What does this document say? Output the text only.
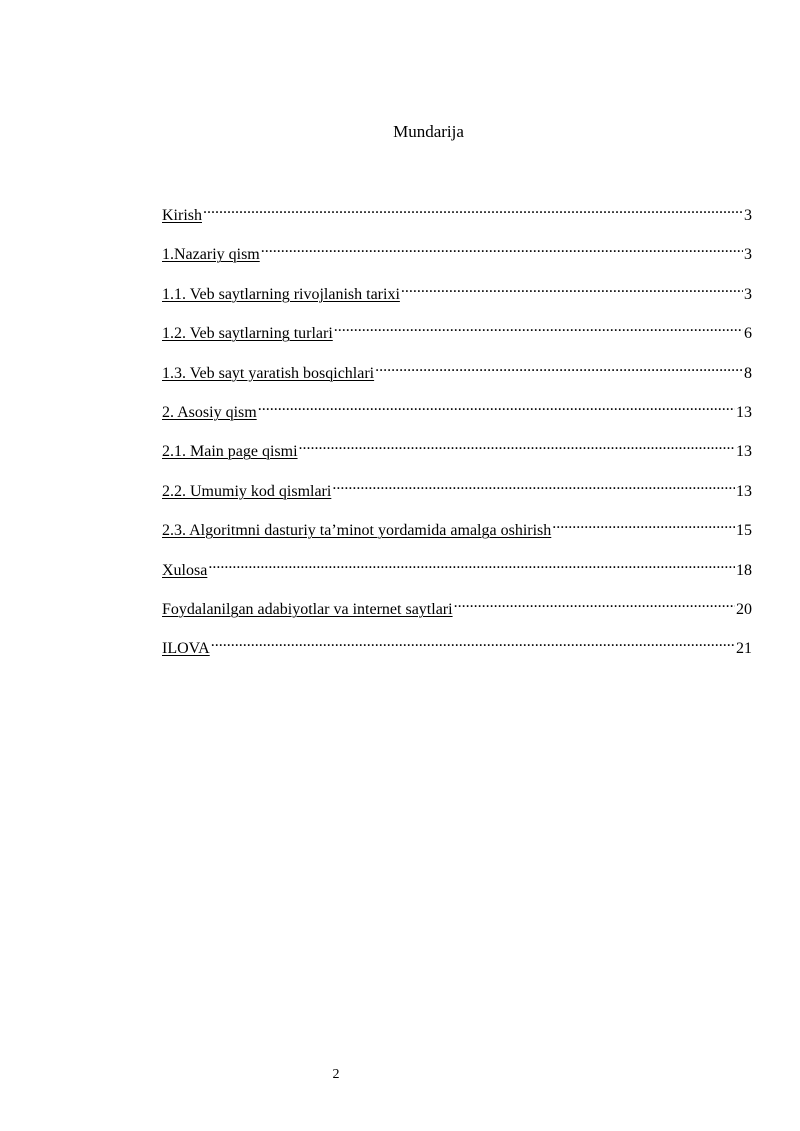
Mundarija
Kirish .....	3
1.Nazariy qism .....	3
1.1. Veb saytlarning rivojlanish tarixi .....	3
1.2. Veb saytlarning turlari .....	6
1.3. Veb sayt yaratish bosqichlari .....	8
2. Asosiy qism .....	13
2.1. Main page qismi .....	13
2.2. Umumiy kod qismlari .....	13
2.3. Algoritmni dasturiy ta’minot yordamida amalga oshirish .....	15
Xulosa .....	18
Foydalanilgan adabiyotlar va internet saytlari .....	20
ILOVA .....	21
2
